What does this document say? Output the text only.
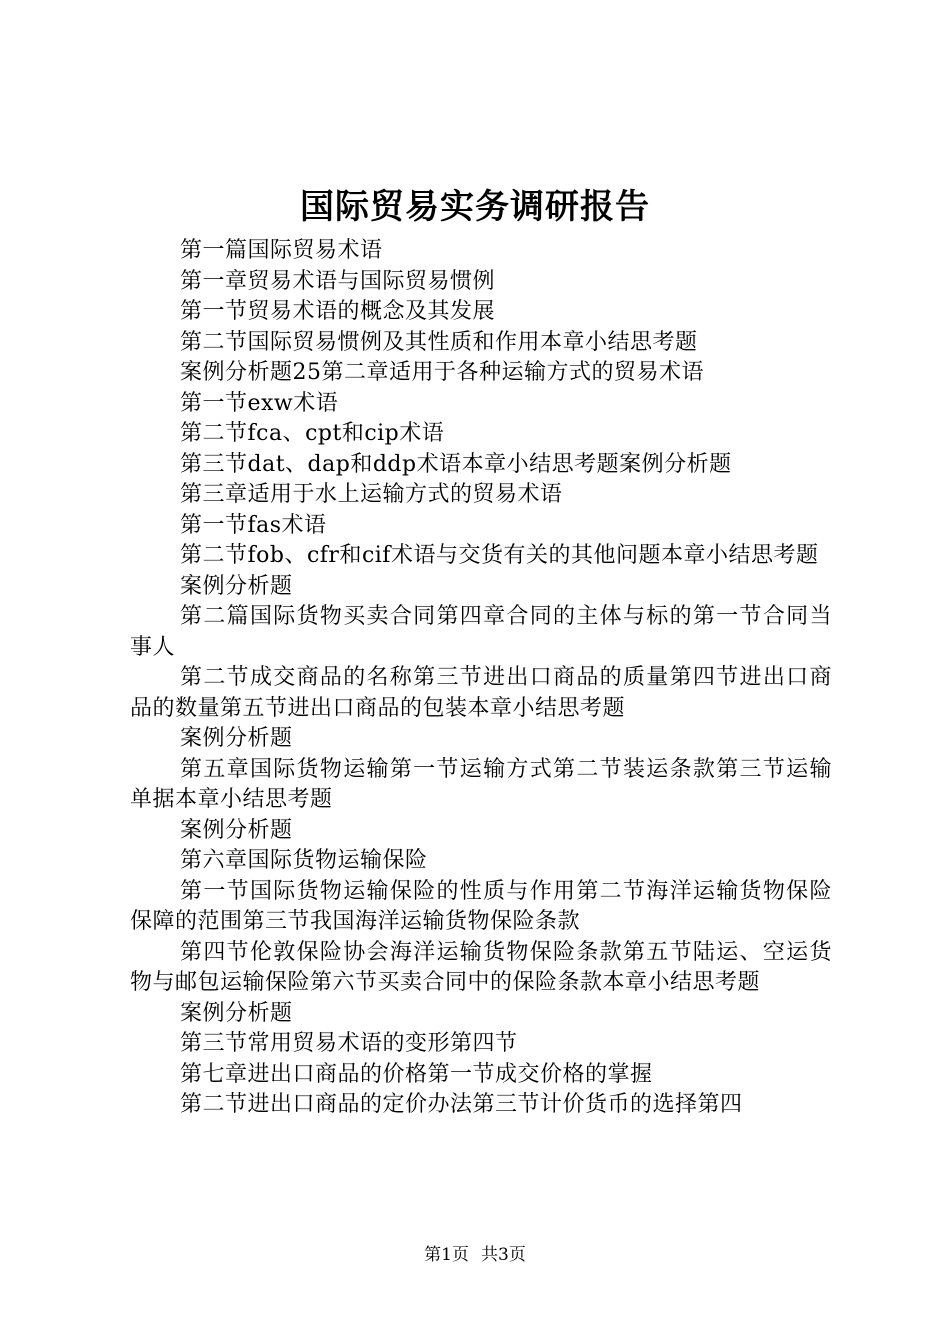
国际贸易实务调研报告

第一篇国际贸易术语

第一章贸易术语与国际贸易惯例

第一节贸易术语的概念及其发展

第二节国际贸易惯例及其性质和作用本章小结思考题

案例分析题25第二章适用于各种运输方式的贸易术语

第一节exw术语

第二节fca、cpt和cip术语

第三节dat、dap和ddp术语本章小结思考题案例分析题

第三章适用于水上运输方式的贸易术语

第一节fas术语

第二节fob、cfr和cif术语与交货有关的其他问题本章小结思考题

案例分析题

第二篇国际货物买卖合同第四章合同的主体与标的第一节合同当事人

第二节成交商品的名称第三节进出口商品的质量第四节进出口商品的数量第五节进出口商品的包装本章小结思考题

案例分析题

第五章国际货物运输第一节运输方式第二节装运条款第三节运输单据本章小结思考题

案例分析题

第六章国际货物运输保险

第一节国际货物运输保险的性质与作用第二节海洋运输货物保险保障的范围第三节我国海洋运输货物保险条款

第四节伦敦保险协会海洋运输货物保险条款第五节陆运、空运货物与邮包运输保险第六节买卖合同中的保险条款本章小结思考题

案例分析题

第三节常用贸易术语的变形第四节

第七章进出口商品的价格第一节成交价格的掌握

第二节进出口商品的定价办法第三节计价货币的选择第四

第1页 共3页
